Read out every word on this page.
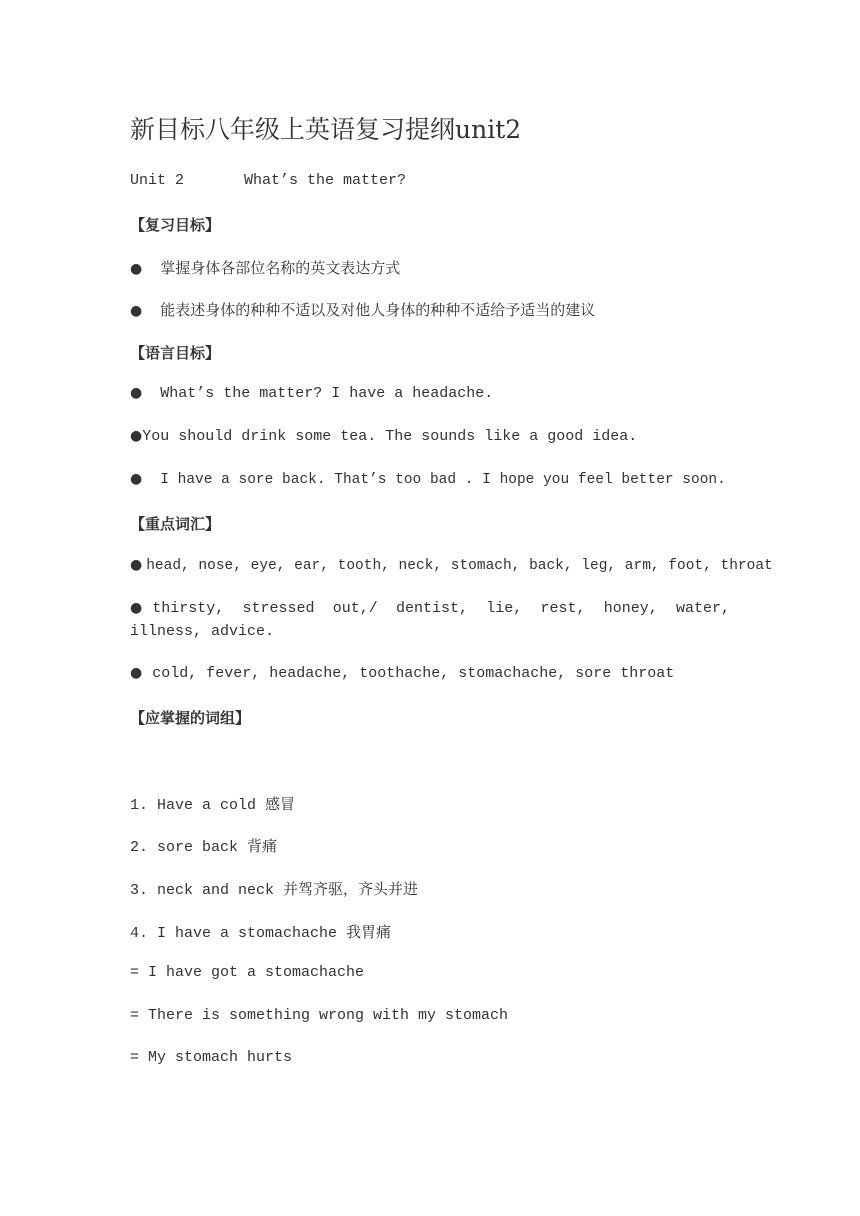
新目标八年级上英语复习提纲unit2
Unit 2	What’s the matter?
【复习目标】
● 掌握身体各部位名称的英文表达方式
● 能表述身体的种种不适以及对他人身体的种种不适给予适当的建议
【语言目标】
● What’s the matter? I have a headache.
●You should drink some tea. The sounds like a good idea.
● I have a sore back. That’s too bad . I hope you feel better soon.
【重点词汇】
● head, nose, eye, ear, tooth, neck, stomach, back, leg, arm, foot, throat
● thirsty, stressed out,/ dentist, lie, rest, honey, water, illness, advice.
● cold, fever, headache, toothache, stomachache, sore throat
【应掌握的词组】
1. Have a cold 感冒
2. sore back 背痛
3. neck and neck 并驾齐驱，齐头并进
4. I have a stomachache 我胃痛
= I have got a stomachache
= There is something wrong with my stomach
= My stomach hurts
